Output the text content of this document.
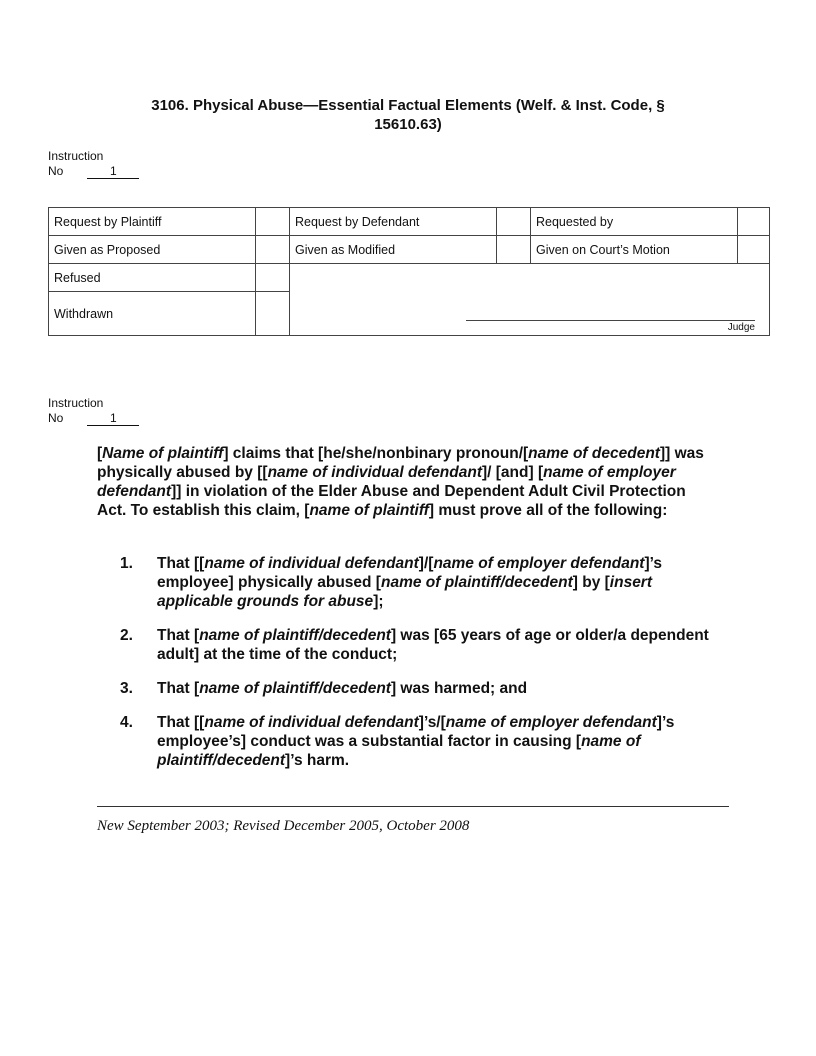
3106. Physical Abuse—Essential Factual Elements (Welf. & Inst. Code, § 15610.63)
Instruction
No	1
Request by Plaintiff		Request by Defendant		Requested by	
Given as Proposed		Given as Modified		Given on Court’s Motion	
Refused		Judge			

Withdrawn					
Instruction
No	1

[Name of plaintiff] claims that [he/she/nonbinary pronoun/[name of decedent]] was physically abused by [[name of individual defendant]/ [and] [name of employer defendant]] in violation of the Elder Abuse and Dependent Adult Civil Protection Act. To establish this claim, [name of plaintiff] must prove all of the following:

1.	That [[name of individual defendant]/[name of employer defendant]’s employee] physically abused [name of plaintiff/decedent] by [insert applicable grounds for abuse];
2.	That [name of plaintiff/decedent] was [65 years of age or older/a dependent adult] at the time of the conduct;
3.	That [name of plaintiff/decedent] was harmed; and
4.	That [[name of individual defendant]’s/[name of employer defendant]’s employee’s] conduct was a substantial factor in causing [name of plaintiff/decedent]’s harm.
New September 2003; Revised December 2005, October 2008
